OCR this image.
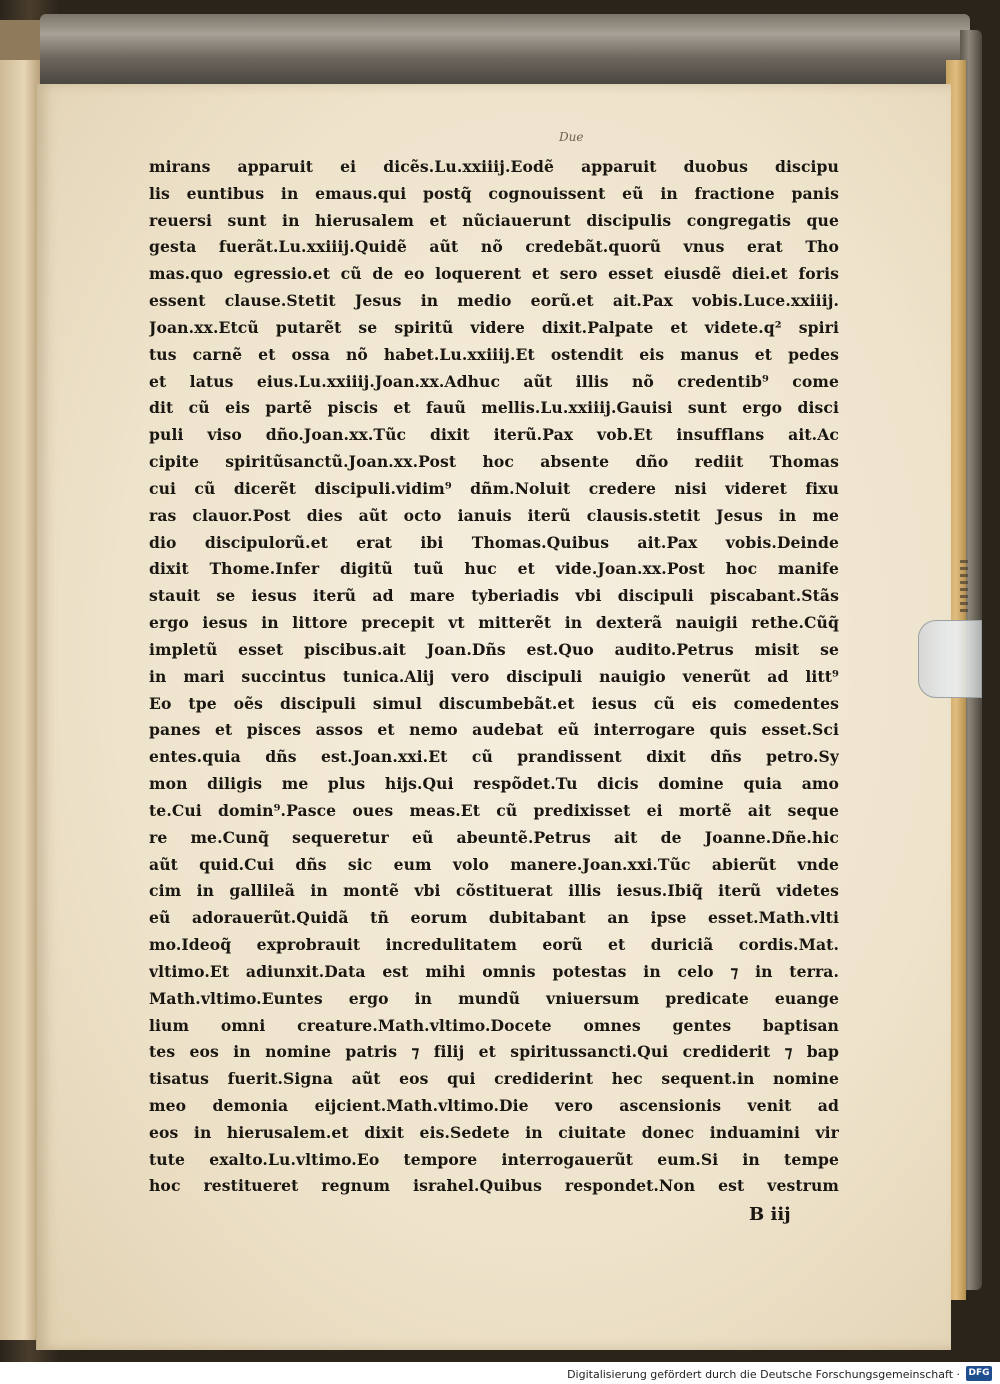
Due
mirans apparuit ei dicẽs.Lu.xxiiij.Eodẽ apparuit duobus discipu
lis euntibus in emaus.qui postq̃ cognouissent eũ in fractione panis
reuersi sunt in hierusalem et nũciauerunt discipulis congregatis que
gesta fuerãt.Lu.xxiiij.Quidẽ aũt nõ credebãt.quorũ vnus erat Tho
mas.quo egressio.et cũ de eo loquerent et sero esset eiusdẽ diei.et foris
essent clause.Stetit Jesus in medio eorũ.et ait.Pax vobis.Luce.xxiiij.
Joan.xx.Etcũ putarẽt se spiritũ videre dixit.Palpate et videte.q² spiri
tus carnẽ et ossa nõ habet.Lu.xxiiij.Et ostendit eis manus et pedes
et latus eius.Lu.xxiiij.Joan.xx.Adhuc aũt illis nõ credentib⁹ come
dit cũ eis partẽ piscis et fauũ mellis.Lu.xxiiij.Gauisi sunt ergo disci
puli viso dño.Joan.xx.Tũc dixit iterũ.Pax vob.Et insufflans ait.Ac
cipite spiritũsanctũ.Joan.xx.Post hoc absente dño rediit Thomas
cui cũ dicerẽt discipuli.vidim⁹ dñm.Noluit credere nisi videret fixu
ras clauor.Post dies aũt octo ianuis iterũ clausis.stetit Jesus in me
dio discipulorũ.et erat ibi Thomas.Quibus ait.Pax vobis.Deinde
dixit Thome.Infer digitũ tuũ huc et vide.Joan.xx.Post hoc manife
stauit se iesus iterũ ad mare tyberiadis vbi discipuli piscabant.Stãs
ergo iesus in littore precepit vt mitterẽt in dexterã nauigii rethe.Cũq̃
impletũ esset piscibus.ait Joan.Dñs est.Quo audito.Petrus misit se
in mari succintus tunica.Alij vero discipuli nauigio venerũt ad litt⁹
Eo tpe oẽs discipuli simul discumbebãt.et iesus cũ eis comedentes
panes et pisces assos et nemo audebat eũ interrogare quis esset.Sci
entes.quia dñs est.Joan.xxi.Et cũ prandissent dixit dñs petro.Sy
mon diligis me plus hijs.Qui respõdet.Tu dicis domine quia amo
te.Cui domin⁹.Pasce oues meas.Et cũ predixisset ei mortẽ ait seque
re me.Cunq̃ sequeretur eũ abeuntẽ.Petrus ait de Joanne.Dñe.hic
aũt quid.Cui dñs sic eum volo manere.Joan.xxi.Tũc abierũt vnde
cim in gallileã in montẽ vbi cõstituerat illis iesus.Ibiq̃ iterũ videtes
eũ adorauerũt.Quidã tñ eorum dubitabant an ipse esset.Math.vlti
mo.Ideoq̃ exprobrauit incredulitatem eorũ et duriciã cordis.Mat.
vltimo.Et adiunxit.Data est mihi omnis potestas in celo ⁊ in terra.
Math.vltimo.Euntes ergo in mundũ vniuersum predicate euange
lium omni creature.Math.vltimo.Docete omnes gentes baptisan
tes eos in nomine patris ⁊ filij et spiritussancti.Qui crediderit ⁊ bap
tisatus fuerit.Signa aũt eos qui crediderint hec sequent.in nomine
meo demonia eijcient.Math.vltimo.Die vero ascensionis venit ad
eos in hierusalem.et dixit eis.Sedete in ciuitate donec induamini vir
tute exalto.Lu.vltimo.Eo tempore interrogauerũt eum.Si in tempe
hoc restitueret regnum israhel.Quibus respondet.Non est vestrum
B iij
Digitalisierung gefördert durch die Deutsche Forschungsgemeinschaft · DFG
